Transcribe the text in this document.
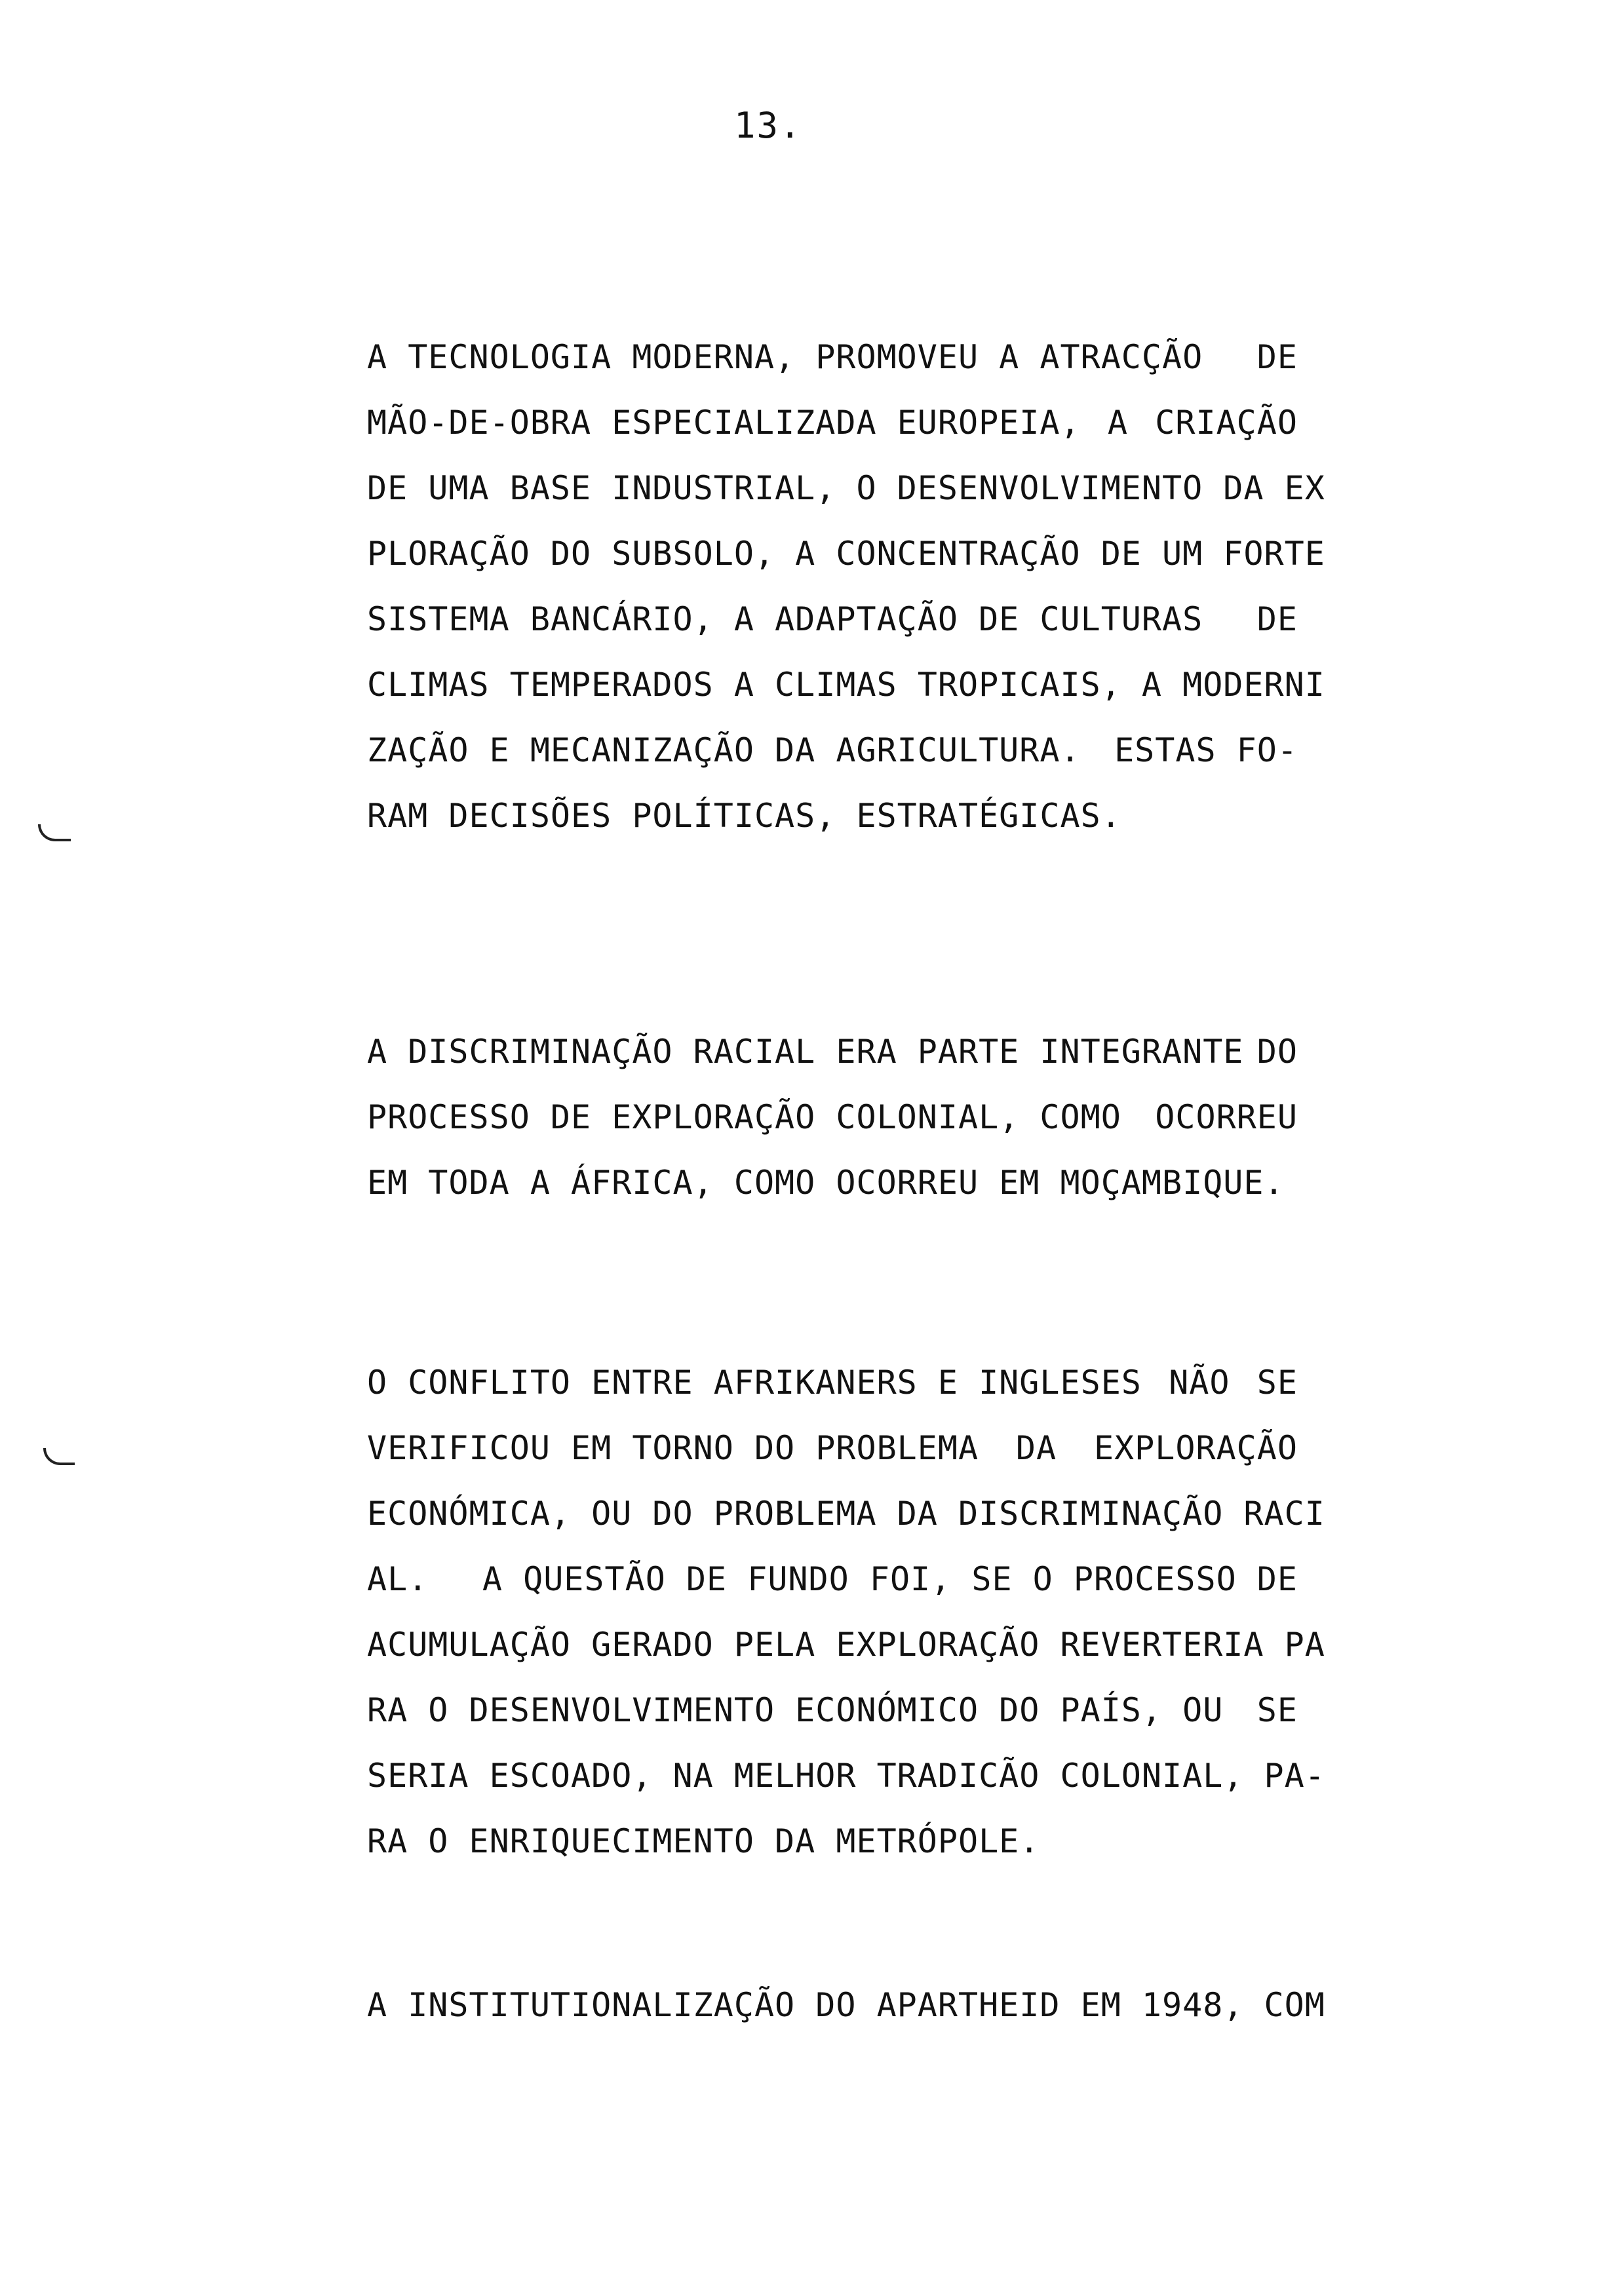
13.
A TECNOLOGIA MODERNA, PROMOVEU A ATRACÇÃO DE
MÃO-DE-OBRA ESPECIALIZADA EUROPEIA, A CRIAÇÃO
DE UMA BASE INDUSTRIAL, O DESENVOLVIMENTO DA EX
PLORAÇÃO DO SUBSOLO, A CONCENTRAÇÃO DE UM FORTE
SISTEMA BANCÁRIO, A ADAPTAÇÃO DE CULTURAS DE
CLIMAS TEMPERADOS A CLIMAS TROPICAIS, A MODERNI
ZAÇÃO E MECANIZAÇÃO DA AGRICULTURA. ESTAS FO-
RAM DECISÕES POLÍTICAS, ESTRATÉGICAS.
A DISCRIMINAÇÃO RACIAL ERA PARTE INTEGRANTE DO
PROCESSO DE EXPLORAÇÃO COLONIAL, COMO OCORREU
EM TODA A ÁFRICA, COMO OCORREU EM MOÇAMBIQUE.
O CONFLITO ENTRE AFRIKANERS E INGLESES NÃO SE
VERIFICOU EM TORNO DO PROBLEMA DA EXPLORAÇÃO
ECONÓMICA, OU DO PROBLEMA DA DISCRIMINAÇÃO RACI
AL. A QUESTÃO DE FUNDO FOI, SE O PROCESSO DE
ACUMULAÇÃO GERADO PELA EXPLORAÇÃO REVERTERIA PA
RA O DESENVOLVIMENTO ECONÓMICO DO PAÍS, OU SE
SERIA ESCOADO, NA MELHOR TRADICÃO COLONIAL, PA-
RA O ENRIQUECIMENTO DA METRÓPOLE.
A INSTITUTIONALIZAÇÃO DO APARTHEID EM 1948, COM
